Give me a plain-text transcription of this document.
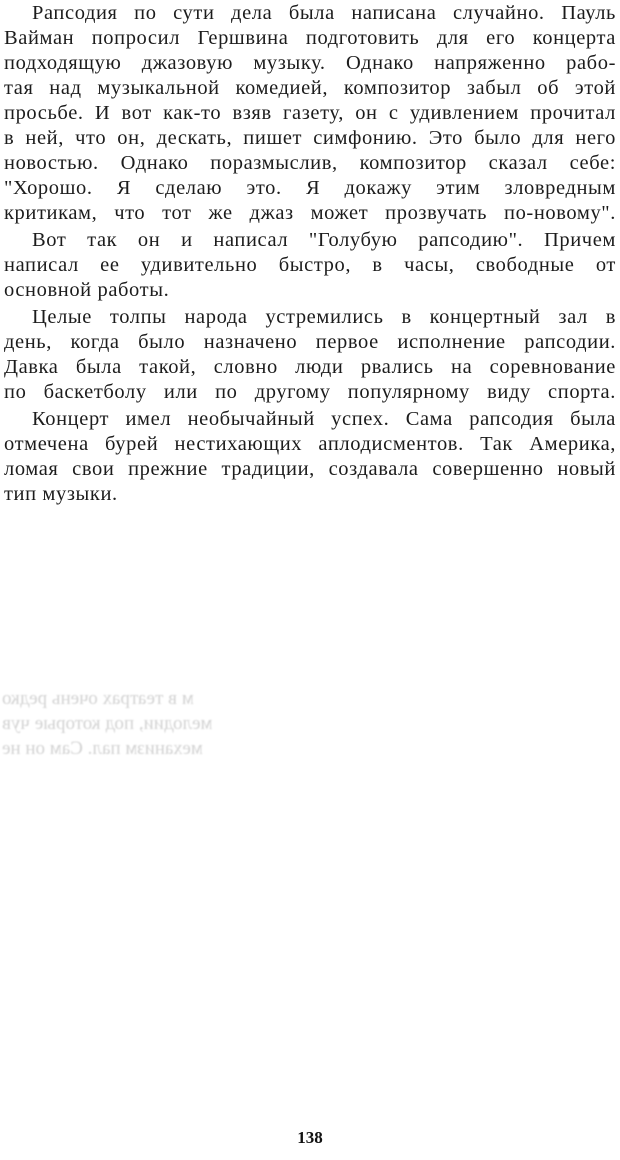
Рапсодия по сути дела была написана случайно. Пауль
Вайман попросил Гершвина подготовить для его концерта
подходящую джазовую музыку. Однако напряженно рабо-
тая над музыкальной комедией, композитор забыл об этой
просьбе. И вот как-то взяв газету, он с удивлением прочитал
в ней, что он, дескать, пишет симфонию. Это было для него
новостью. Однако поразмыслив, композитор сказал себе:
"Хорошо. Я сделаю это. Я докажу этим зловредным
критикам, что тот же джаз может прозвучать по-новому".
Вот так он и написал "Голубую рапсодию". Причем
написал ее удивительно быстро, в часы, свободные от
основной работы.
Целые толпы народа устремились в концертный зал в
день, когда было назначено первое исполнение рапсодии.
Давка была такой, словно люди рвались на соревнование
по баскетболу или по другому популярному виду спорта.
Концерт имел необычайный успех. Сама рапсодия была
отмечена бурей нестихающих аплодисментов. Так Америка,
ломая свои прежние традиции, создавала совершенно новый
тип музыки.
м в театрах очень редко
мелодии, под которые чув
механизм пал. Сам он не
138
